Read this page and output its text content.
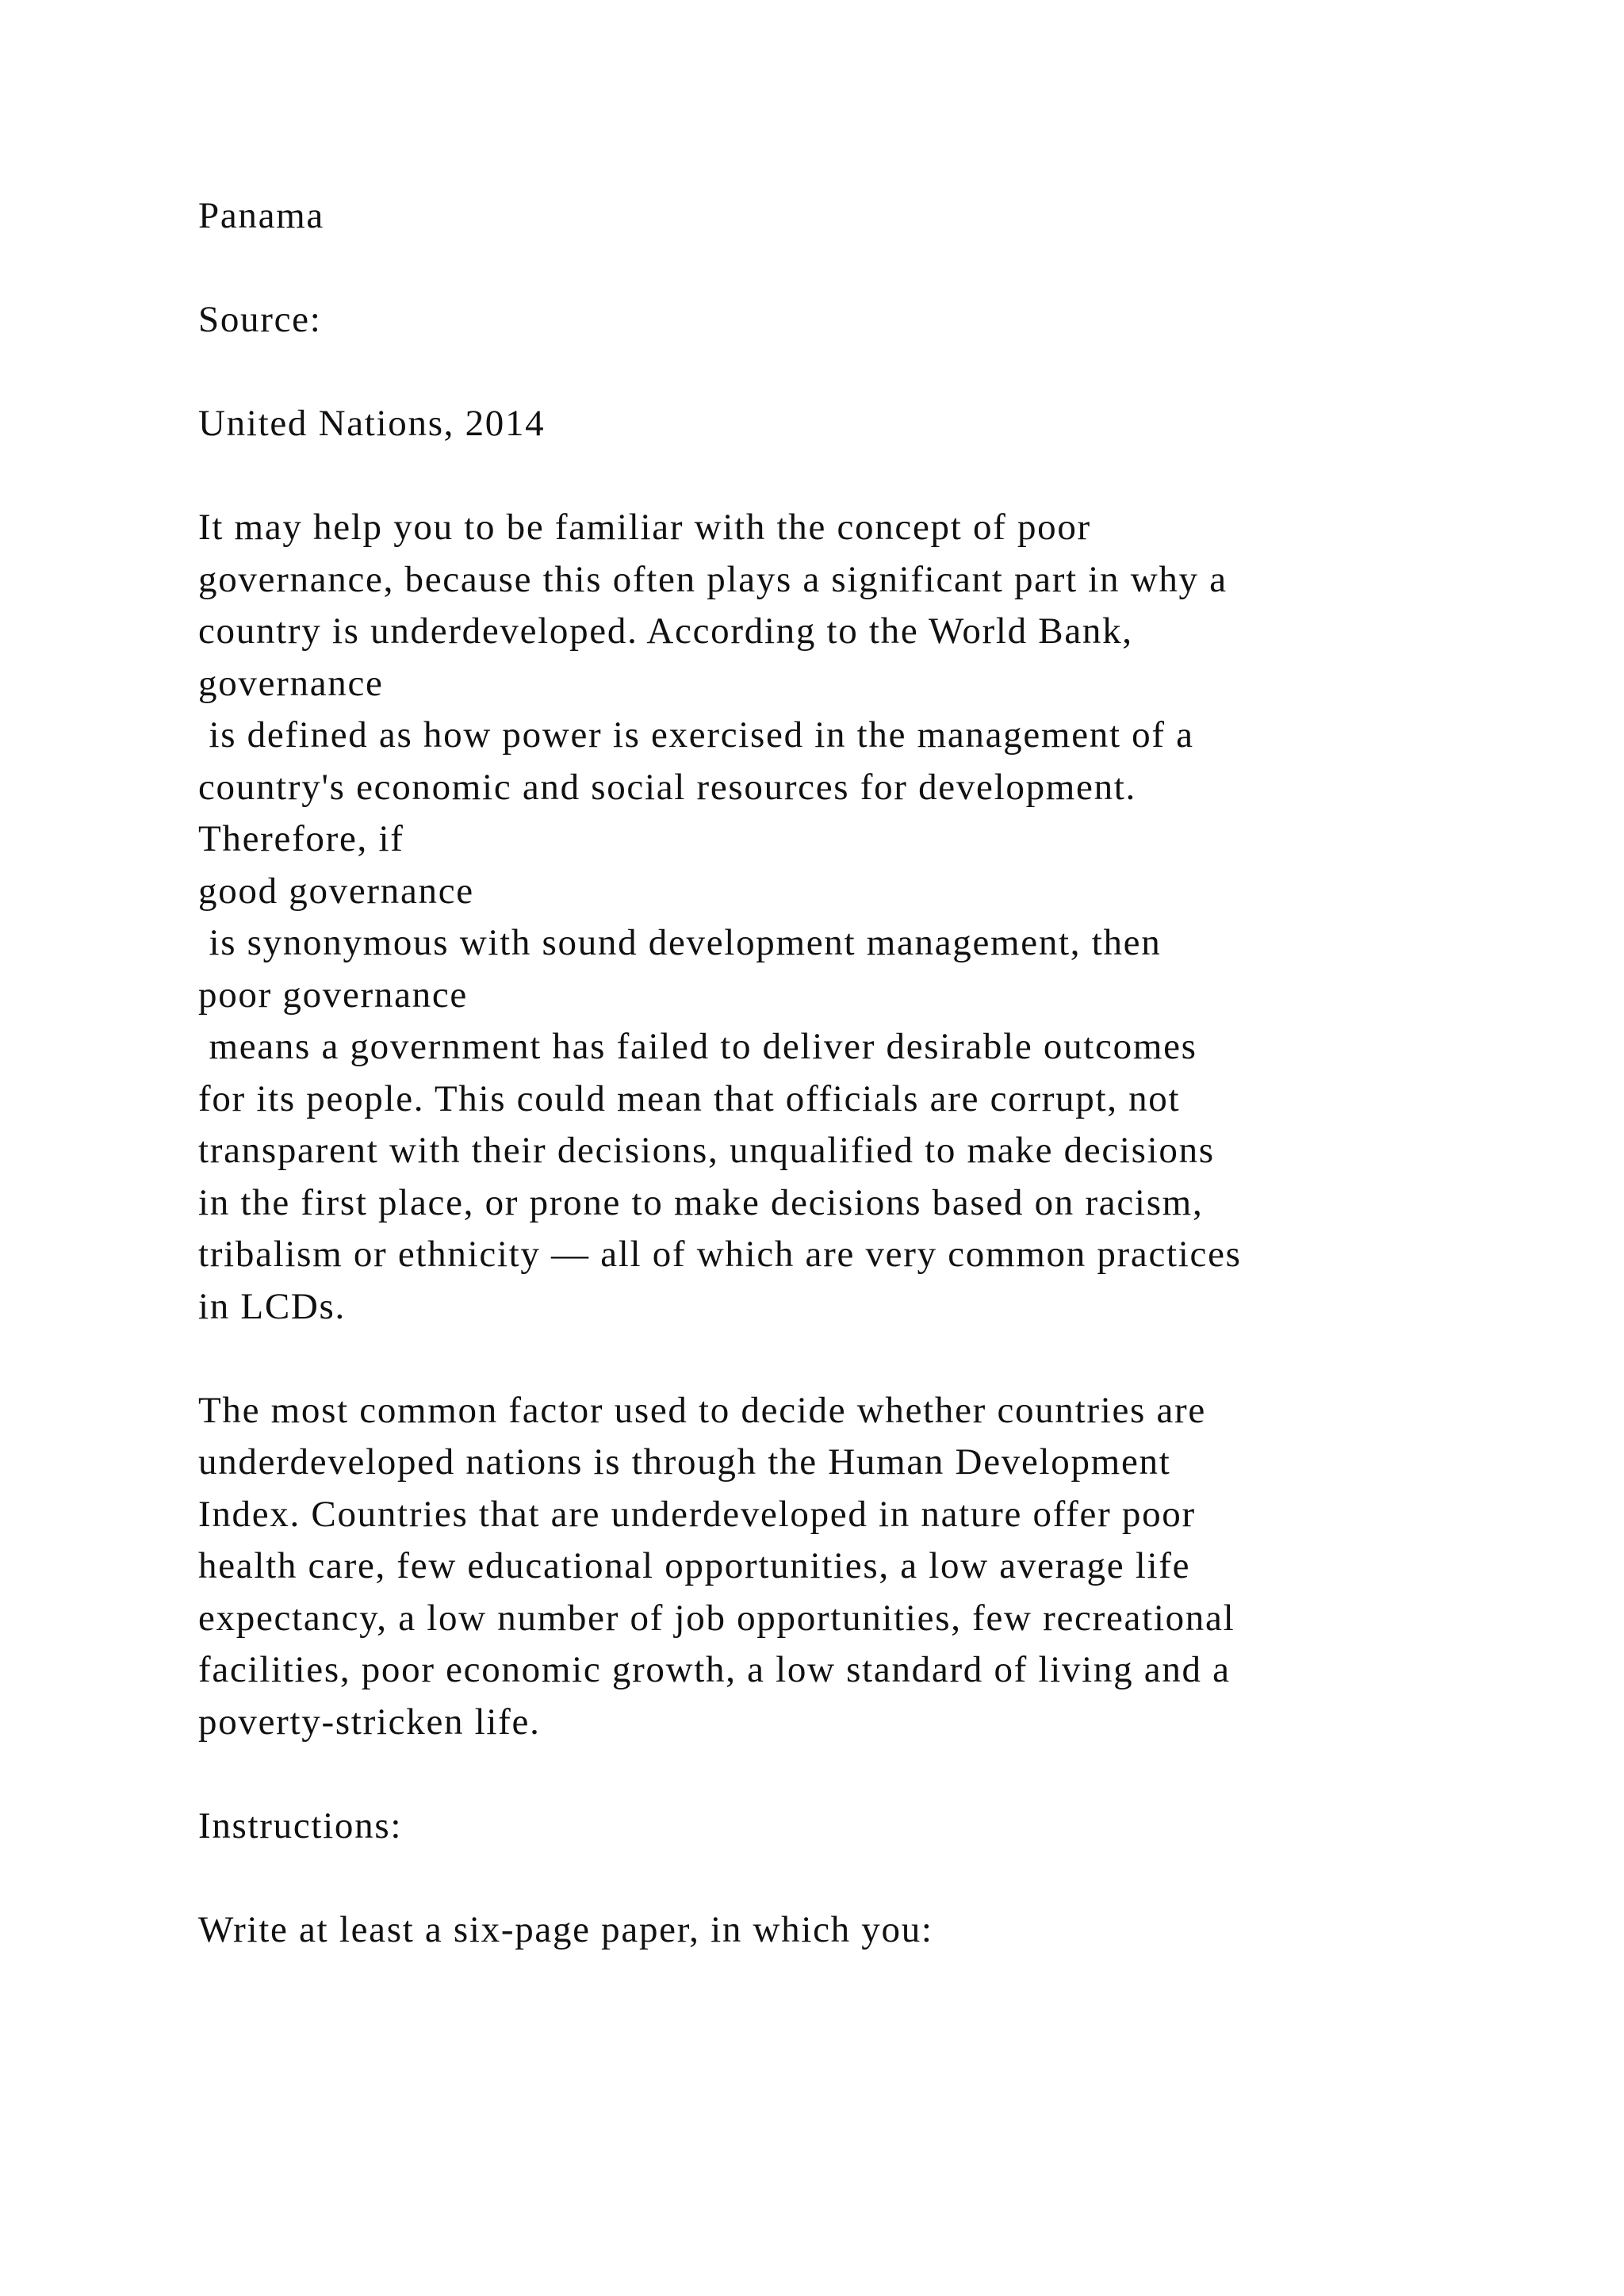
Panama
Source:
United Nations, 2014
It may help you to be familiar with the concept of poor
governance, because this often plays a significant part in why a
country is underdeveloped. According to the World Bank,
governance
is defined as how power is exercised in the management of a
country's economic and social resources for development.
Therefore, if
good governance
is synonymous with sound development management, then
poor governance
means a government has failed to deliver desirable outcomes
for its people. This could mean that officials are corrupt, not
transparent with their decisions, unqualified to make decisions
in the first place, or prone to make decisions based on racism,
tribalism or ethnicity — all of which are very common practices
in LCDs.
The most common factor used to decide whether countries are
underdeveloped nations is through the Human Development
Index. Countries that are underdeveloped in nature offer poor
health care, few educational opportunities, a low average life
expectancy, a low number of job opportunities, few recreational
facilities, poor economic growth, a low standard of living and a
poverty-stricken life.
Instructions:
Write at least a six-page paper, in which you:
